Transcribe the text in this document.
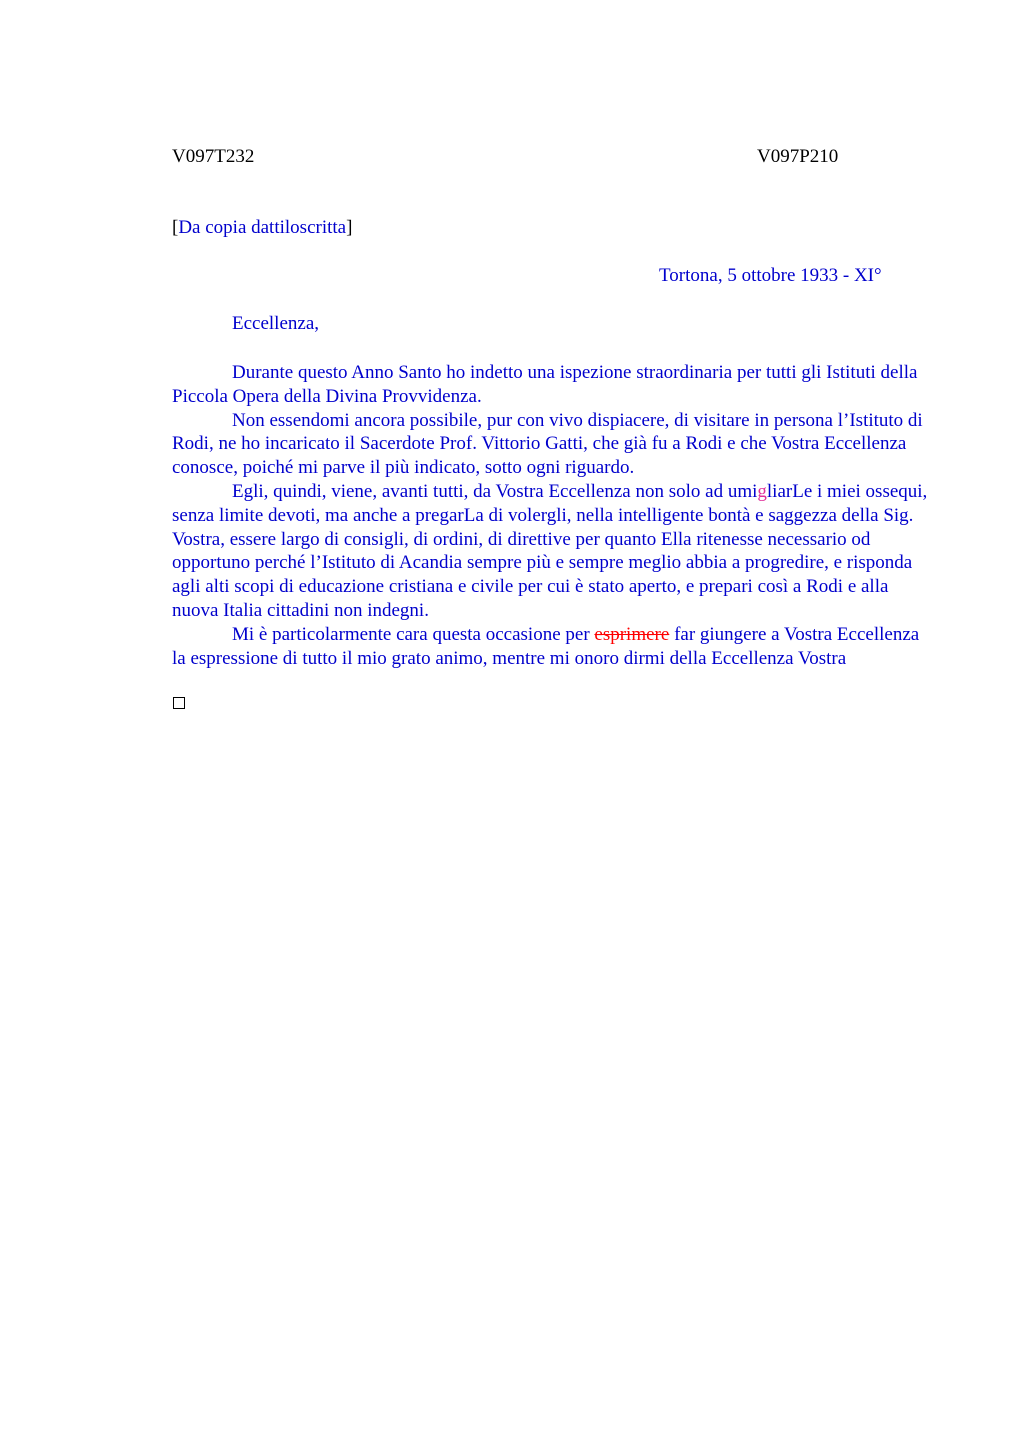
V097T232	V097P210
[Da copia dattiloscritta]
Tortona, 5 ottobre 1933 - XI°
Eccellenza,

Durante questo Anno Santo ho indetto una ispezione straordinaria per tutti gli Istituti della Piccola Opera della Divina Provvidenza.

Non essendomi ancora possibile, pur con vivo dispiacere, di visitare in persona l’Istituto di Rodi, ne ho incaricato il Sacerdote Prof. Vittorio Gatti, che già fu a Rodi e che Vostra Eccellenza conosce, poiché mi parve il più indicato, sotto ogni riguardo.

Egli, quindi, viene, avanti tutti, da Vostra Eccellenza non solo ad umigliarLe i miei ossequi, senza limite devoti, ma anche a pregarLa di volergli, nella intelligente bontà e saggezza della Sig. Vostra, essere largo di consigli, di ordini, di direttive per quanto Ella ritenesse necessario od opportuno perché l’Istituto di Acandia sempre più e sempre meglio abbia a progredire, e risponda agli alti scopi di educazione cristiana e civile per cui è stato aperto, e prepari così a Rodi e alla nuova Italia cittadini non indegni.

Mi è particolarmente cara questa occasione per esprimere far giungere a Vostra Eccellenza la espressione di tutto il mio grato animo, mentre mi onoro dirmi della Eccellenza Vostra
